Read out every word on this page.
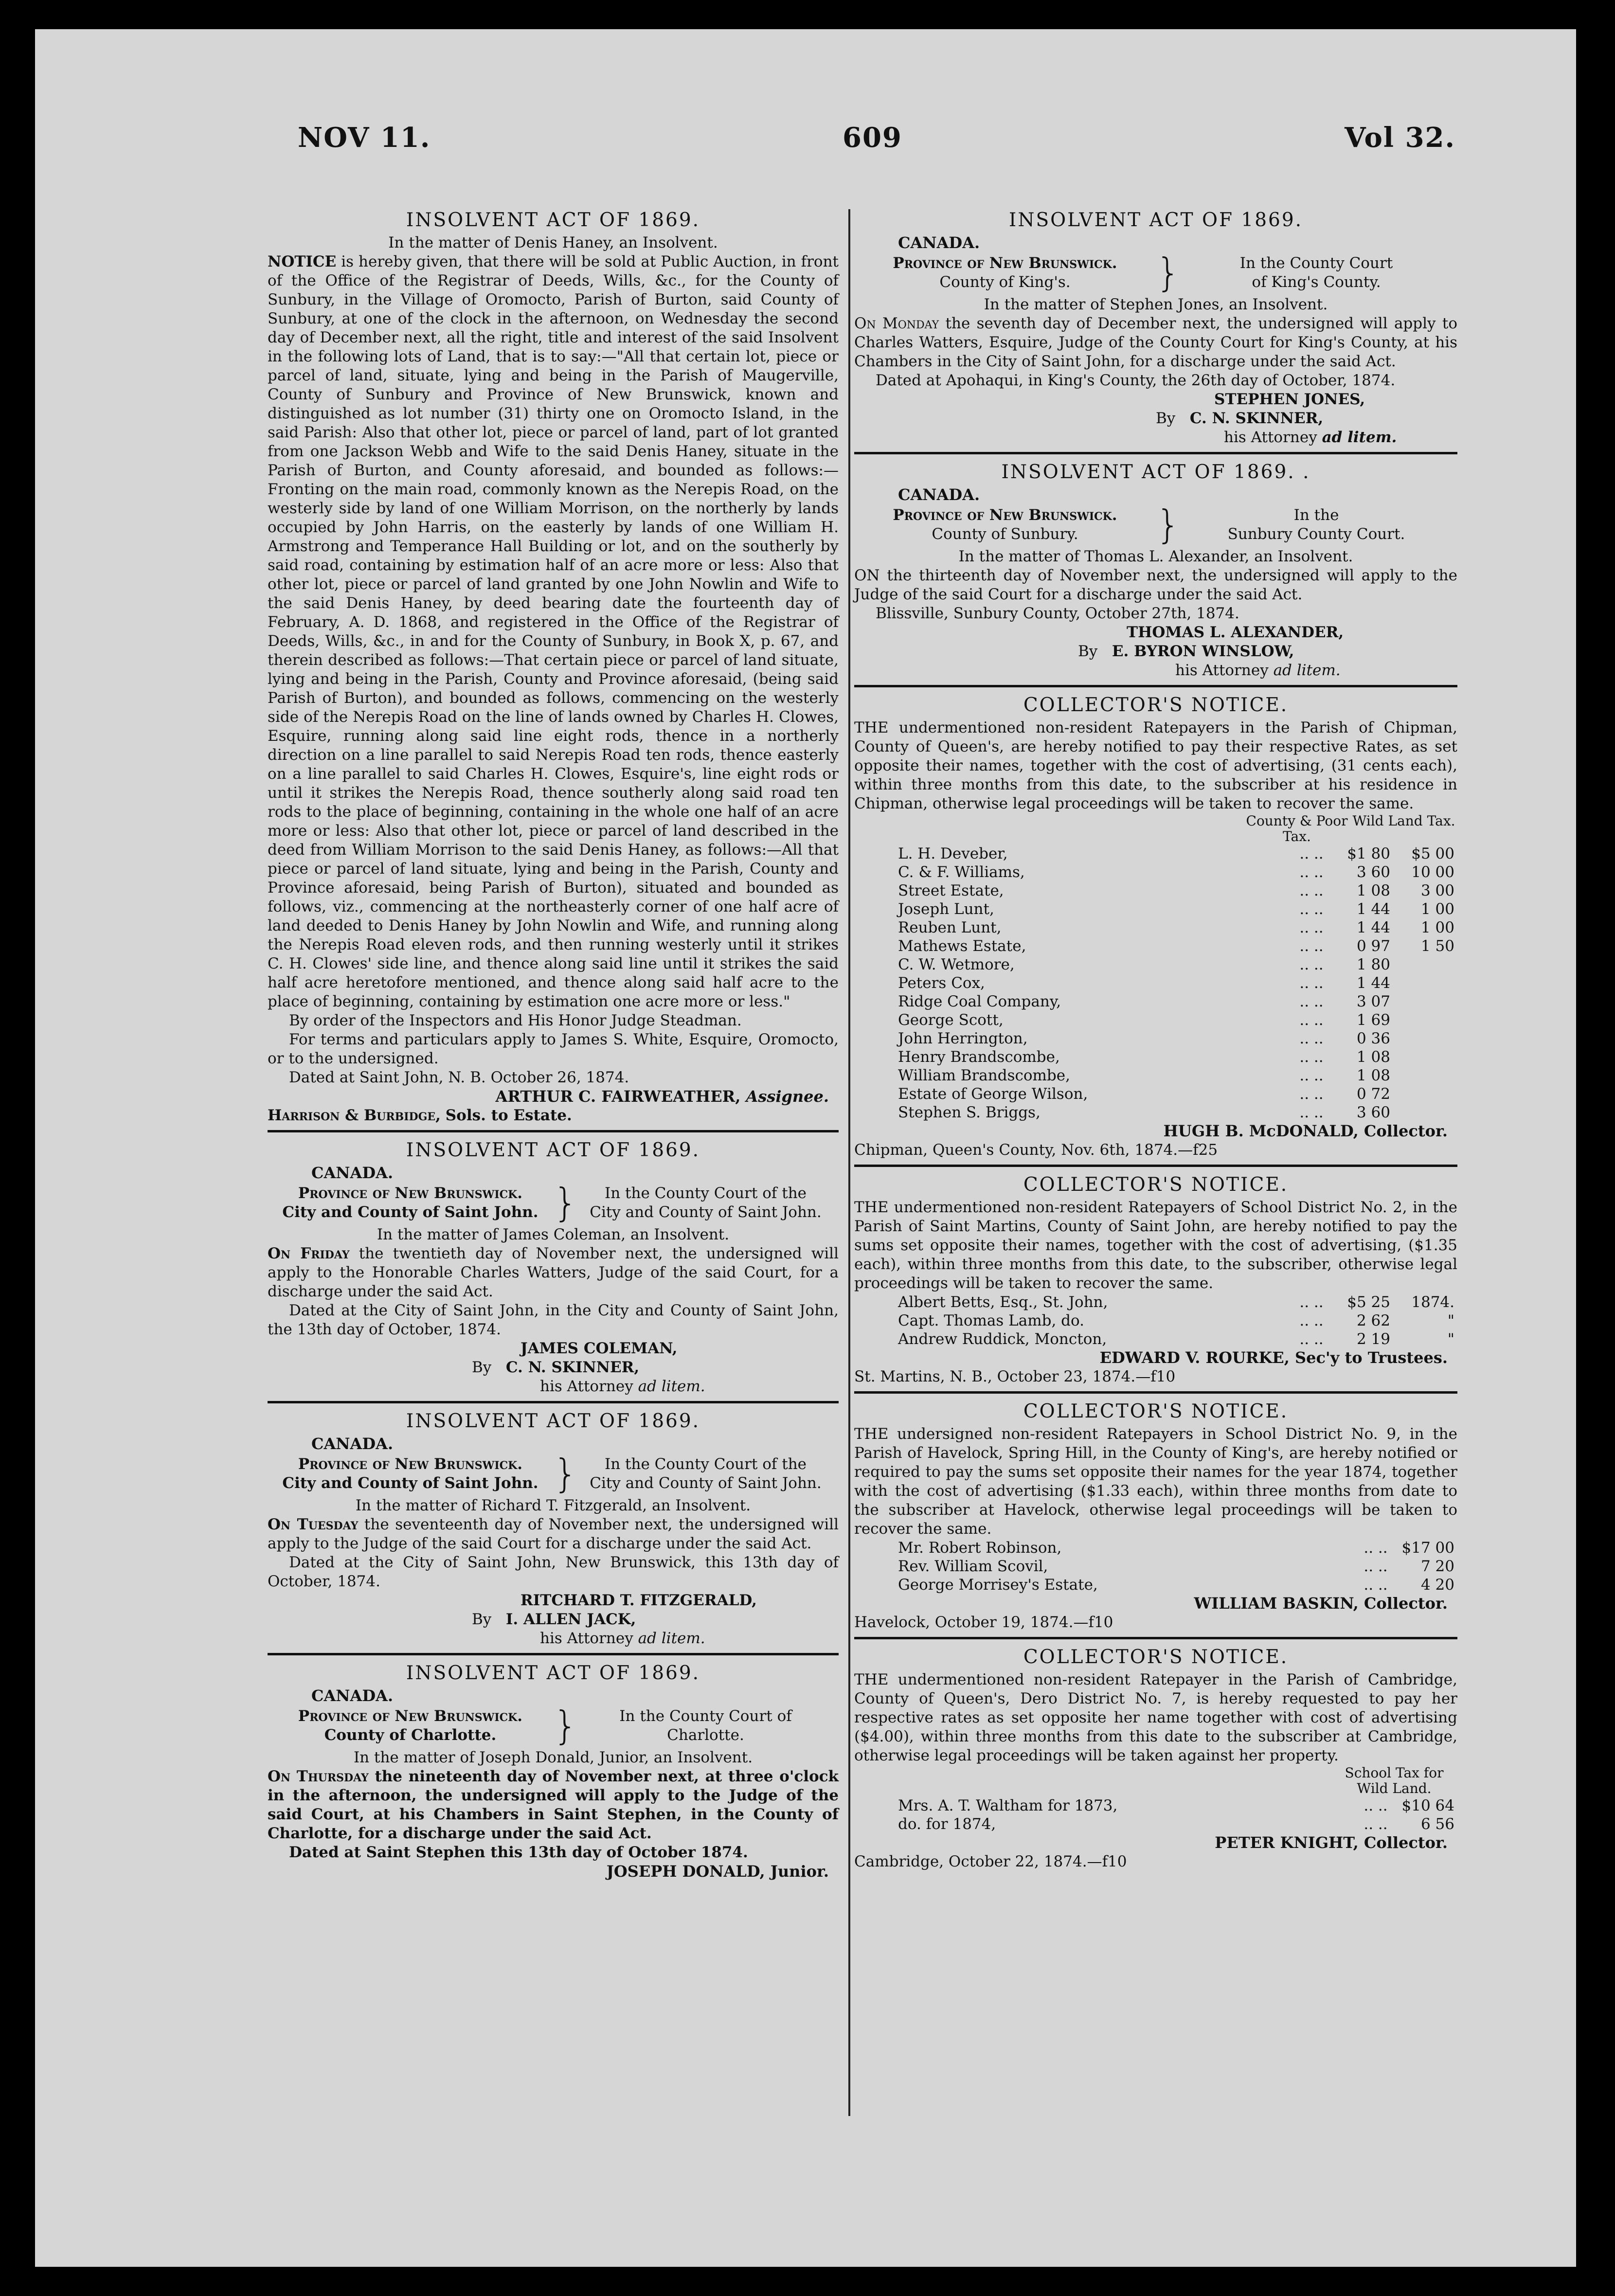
NOV 11.	609	Vol 32.
INSOLVENT ACT OF 1869.
In the matter of Denis Haney, an Insolvent.
NOTICE is hereby given, that there will be sold at Public Auction, in front of the Office of the Registrar of Deeds, Wills, &c., for the County of Sunbury, in the Village of Oromocto, Parish of Burton, said County of Sunbury, at one of the clock in the afternoon, on Wednesday the second day of December next, all the right, title and interest of the said Insolvent in the following lots of Land, that is to say:—"All that certain lot, piece or parcel of land, situate, lying and being in the Parish of Maugerville, County of Sunbury and Province of New Brunswick, known and distinguished as lot number (31) thirty one on Oromocto Island, in the said Parish: Also that other lot, piece or parcel of land, part of lot granted from one Jackson Webb and Wife to the said Denis Haney, situate in the Parish of Burton, and County aforesaid, and bounded as follows:—Fronting on the main road, commonly known as the Nerepis Road, on the westerly side by land of one William Morrison, on the northerly by lands occupied by John Harris, on the easterly by lands of one William H. Armstrong and Temperance Hall Building or lot, and on the southerly by said road, containing by estimation half of an acre more or less: Also that other lot, piece or parcel of land granted by one John Nowlin and Wife to the said Denis Haney, by deed bearing date the fourteenth day of February, A. D. 1868, and registered in the Office of the Registrar of Deeds, Wills, &c., in and for the County of Sunbury, in Book X, p. 67, and therein described as follows:—That certain piece or parcel of land situate, lying and being in the Parish, County and Province aforesaid, (being said Parish of Burton), and bounded as follows, commencing on the westerly side of the Nerepis Road on the line of lands owned by Charles H. Clowes, Esquire, running along said line eight rods, thence in a northerly direction on a line parallel to said Nerepis Road ten rods, thence easterly on a line parallel to said Charles H. Clowes, Esquire's, line eight rods or until it strikes the Nerepis Road, thence southerly along said road ten rods to the place of beginning, containing in the whole one half of an acre more or less: Also that other lot, piece or parcel of land described in the deed from William Morrison to the said Denis Haney, as follows:—All that piece or parcel of land situate, lying and being in the Parish, County and Province aforesaid, being Parish of Burton), situated and bounded as follows, viz., commencing at the northeasterly corner of one half acre of land deeded to Denis Haney by John Nowlin and Wife, and running along the Nerepis Road eleven rods, and then running westerly until it strikes C. H. Clowes' side line, and thence along said line until it strikes the said half acre heretofore mentioned, and thence along said half acre to the place of beginning, containing by estimation one acre more or less."
By order of the Inspectors and His Honor Judge Steadman.
For terms and particulars apply to James S. White, Esquire, Oromocto, or to the undersigned.
Dated at Saint John, N. B. October 26, 1874.
ARTHUR C. FAIRWEATHER, Assignee.
Harrison & Burbidge, Sols. to Estate.
INSOLVENT ACT OF 1869.
CANADA.
Province of New Brunswick.
City and County of Saint John. }	In the County Court of the
City and County of Saint John.
In the matter of James Coleman, an Insolvent.
On Friday the twentieth day of November next, the undersigned will apply to the Honorable Charles Watters, Judge of the said Court, for a discharge under the said Act.
Dated at the City of Saint John, in the City and County of Saint John, the 13th day of October, 1874.
JAMES COLEMAN,
By C. N. SKINNER,
his Attorney ad litem.
INSOLVENT ACT OF 1869.
CANADA.
Province of New Brunswick.
City and County of Saint John. }	In the County Court of the
City and County of Saint John.
In the matter of Richard T. Fitzgerald, an Insolvent.
On Tuesday the seventeenth day of November next, the undersigned will apply to the Judge of the said Court for a discharge under the said Act.
Dated at the City of Saint John, New Brunswick, this 13th day of October, 1874.
RITCHARD T. FITZGERALD,
By I. ALLEN JACK,
his Attorney ad litem.
INSOLVENT ACT OF 1869.
CANADA.
Province of New Brunswick.
County of Charlotte.	}	In the County Court of
Charlotte.
In the matter of Joseph Donald, Junior, an Insolvent.
On Thursday the nineteenth day of November next, at three o'clock in the afternoon, the undersigned will apply to the Judge of the said Court, at his Chambers in Saint Stephen, in the County of Charlotte, for a discharge under the said Act.
Dated at Saint Stephen this 13th day of October 1874.
JOSEPH DONALD, Junior.
INSOLVENT ACT OF 1869.
CANADA.
Province of New Brunswick.
County of King's.	}	In the County Court
of King's County.
In the matter of Stephen Jones, an Insolvent.
On Monday the seventh day of December next, the undersigned will apply to Charles Watters, Esquire, Judge of the County Court for King's County, at his Chambers in the City of Saint John, for a discharge under the said Act.
Dated at Apohaqui, in King's County, the 26th day of October, 1874.
STEPHEN JONES,
By C. N. SKINNER,
his Attorney ad litem.
INSOLVENT ACT OF 1869. .
CANADA.
Province of New Brunswick.
County of Sunbury.	}	In the
Sunbury County Court.
In the matter of Thomas L. Alexander, an Insolvent.
ON the thirteenth day of November next, the undersigned will apply to the Judge of the said Court for a discharge under the said Act.
Blissville, Sunbury County, October 27th, 1874.
THOMAS L. ALEXANDER,
By E. BYRON WINSLOW,
his Attorney ad litem.
COLLECTOR'S NOTICE.
THE undermentioned non-resident Ratepayers in the Parish of Chipman, County of Queen's, are hereby notified to pay their respective Rates, as set opposite their names, together with the cost of advertising, (31 cents each), within three months from this date, to the subscriber at his residence in Chipman, otherwise legal proceedings will be taken to recover the same.
County & Poor Tax.
Wild Land Tax.
L. H. Deveber,	.. ..	$1 80	$5 00
C. & F. Williams,	.. ..	3 60	10 00
Street Estate,	.. ..	1 08	3 00
Joseph Lunt,	.. ..	1 44	1 00
Reuben Lunt,	.. ..	1 44	1 00
Mathews Estate,	.. ..	0 97	1 50
C. W. Wetmore,	.. ..	1 80	
Peters Cox,	.. ..	1 44	
Ridge Coal Company,	.. ..	3 07	
George Scott,	.. ..	1 69	
John Herrington,	.. ..	0 36	
Henry Brandscombe,	.. ..	1 08	
William Brandscombe,	.. ..	1 08	
Estate of George Wilson,	.. ..	0 72	
Stephen S. Briggs,	.. ..	3 60	
HUGH B. McDONALD, Collector.
Chipman, Queen's County, Nov. 6th, 1874.—f25
COLLECTOR'S NOTICE.
THE undermentioned non-resident Ratepayers of School District No. 2, in the Parish of Saint Martins, County of Saint John, are hereby notified to pay the sums set opposite their names, together with the cost of advertising, ($1.35 each), within three months from this date, to the subscriber, otherwise legal proceedings will be taken to recover the same.
Albert Betts, Esq., St. John,	.. ..	$5 25	1874.
Capt. Thomas Lamb, do.	.. ..	2 62	"
Andrew Ruddick, Moncton,	.. ..	2 19	"
EDWARD V. ROURKE, Sec'y to Trustees.
St. Martins, N. B., October 23, 1874.—f10
COLLECTOR'S NOTICE.
THE undersigned non-resident Ratepayers in School District No. 9, in the Parish of Havelock, Spring Hill, in the County of King's, are hereby notified or required to pay the sums set opposite their names for the year 1874, together with the cost of advertising ($1.33 each), within three months from date to the subscriber at Havelock, otherwise legal proceedings will be taken to recover the same.
Mr. Robert Robinson,	.. ..	$17 00
Rev. William Scovil,	.. ..	7 20
George Morrisey's Estate,	.. ..	4 20
WILLIAM BASKIN, Collector.
Havelock, October 19, 1874.—f10
COLLECTOR'S NOTICE.
THE undermentioned non-resident Ratepayer in the Parish of Cambridge, County of Queen's, Dero District No. 7, is hereby requested to pay her respective rates as set opposite her name together with cost of advertising ($4.00), within three months from this date to the subscriber at Cambridge, otherwise legal proceedings will be taken against her property.
School Tax for Wild Land.
Mrs. A. T. Waltham for 1873,	.. ..	$10 64
do. for 1874,	.. ..	6 56
PETER KNIGHT, Collector.
Cambridge, October 22, 1874.—f10
